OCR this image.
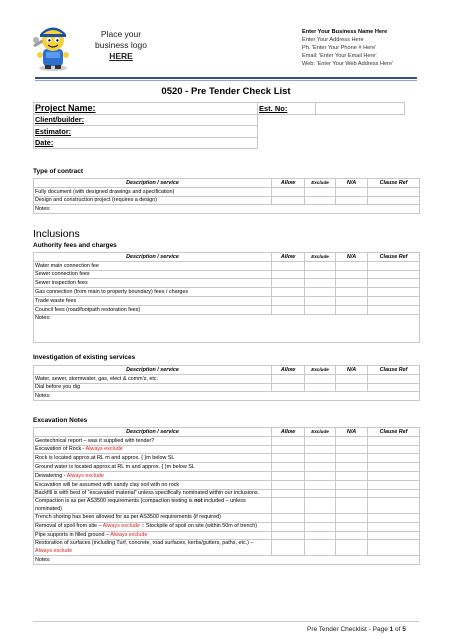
Place your
business logo
HERE
Enter Your Business Name Here
Enter Your Address Here
Ph. 'Enter Your Phone # Here'
Email: 'Enter Your Email Here'
Web: 'Enter Your Web Address Here'
0520 - Pre Tender Check List
Project Name:	Est. No:	
Client/builder:
Estimator:
Date:
Type of contract
Description / service	Allow	Exclude	N/A	Clause Ref
Fully document (with designed drawings and specification)				
Design and construction project (requires a design)				
Notes:				
Inclusions
Authority fees and charges
Description / service	Allow	Exclude	N/A	Clause Ref
Water main connection fee				
Sewer connection fees				
Sewer inspection fees				
Gas connection (from main to property boundary) fees / charges				
Trade waste fees				
Council fees (road/footpath restoration fees)				
Notes:				
Investigation of existing services
Description / service	Allow	Exclude	N/A	Clause Ref
Water, sewer, stormwater, gas, elect & comm's, etc.				
Dial before you dig				
Notes:				
Excavation Notes
Description / service	Allow	Exclude	N/A	Clause Ref
Geotechnical report – was it supplied with tender?				
Excavation of Rock - Always exclude				
Rock is located approx.at RL m and approx. { }m below SL				
Ground water is located approx.at RL m and approx. { }m below SL				
Dewatering - Always exclude				
Excavation will be assumed with sandy clay soil with no rock				
Backfill is with best of “excavated material” unless specifically nominated within our inclusions.				
Compaction is as per AS3500 requirements (compaction testing is not included – unless nominated)				
Trench shoring has been allowed for as per AS3500 requirements (if required)				
Removal of spoil from site – Always exclude :: Stockpile of spoil on site (within 50m of trench)				
Pipe supports in filled ground – Always exclude				
Restoration of surfaces (including Turf, concrete, road surfaces, kerbs/gutters, paths, etc.) – Always exclude				
Notes:				
Pre Tender Checklist - Page 1 of 5
